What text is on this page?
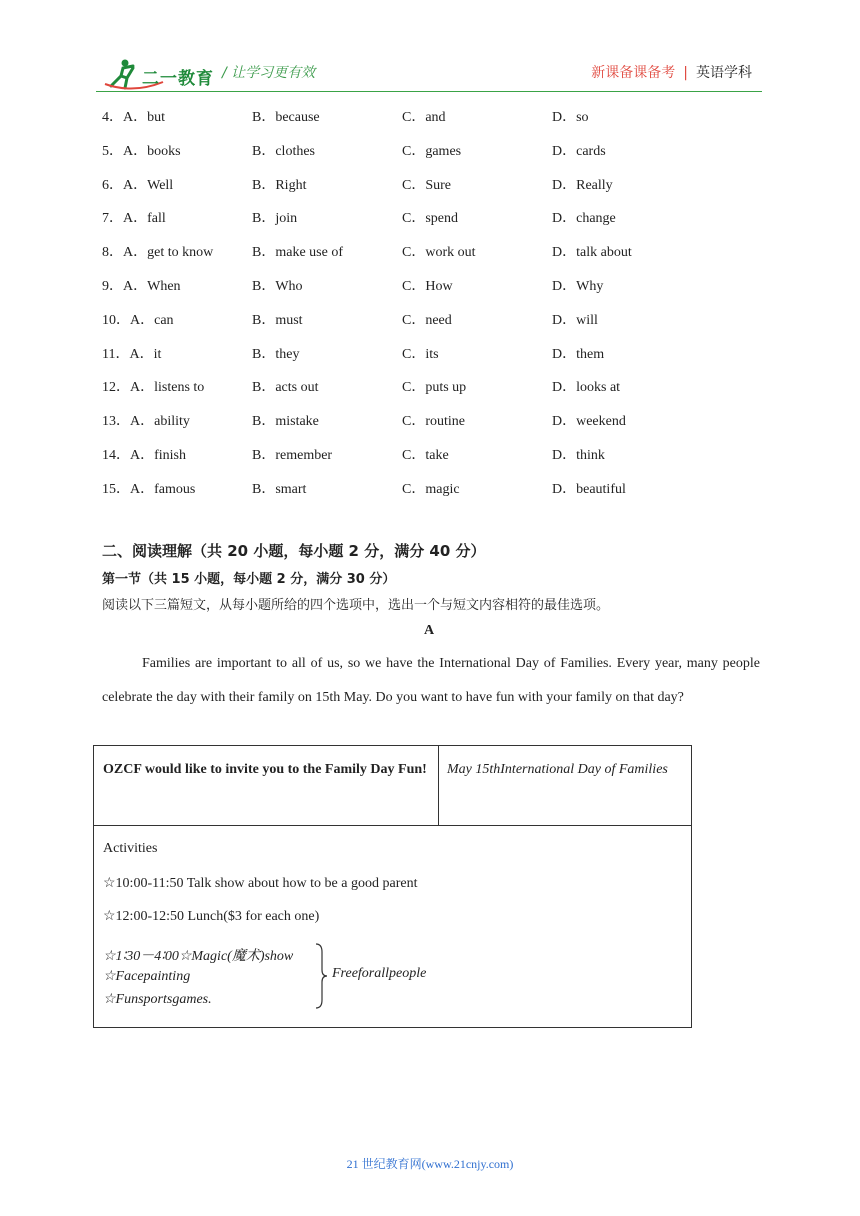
二一教育 / 让学习更有效	新课备课备考 | 英语学科
4．A．but	B．because	C．and	D．so
5．A．books	B．clothes	C．games	D．cards
6．A．Well	B．Right	C．Sure	D．Really
7．A．fall	B．join	C．spend	D．change
8．A．get to know	B．make use of	C．work out	D．talk about
9．A．When	B．Who	C．How	D．Why
10．A．can	B．must	C．need	D．will
11．A．it	B．they	C．its	D．them
12．A．listens to	B．acts out	C．puts up	D．looks at
13．A．ability	B．mistake	C．routine	D．weekend
14．A．finish	B．remember	C．take	D．think
15．A．famous	B．smart	C．magic	D．beautiful
二、阅读理解（共 20 小题，每小题 2 分，满分 40 分）
第一节（共 15 小题，每小题 2 分，满分 30 分）
阅读以下三篇短文，从每小题所给的四个选项中，选出一个与短文内容相符的最佳选项。
A
Families are important to all of us, so we have the International Day of Families. Every year, many people celebrate the day with their family on 15th May. Do you want to have fun with your family on that day?
OZCF would like to invite you to the Family Day Fun! May 15thInternational Day of Families
Activities
☆10:00-11:50 Talk show about how to be a good parent
☆12:00-12:50 Lunch($3 for each one)
☆1∶30－4∶00☆Magic(魔术)show
☆Facepainting
☆Funsportsgames.
Freeforallpeople
21 世纪教育网(www.21cnjy.com)
